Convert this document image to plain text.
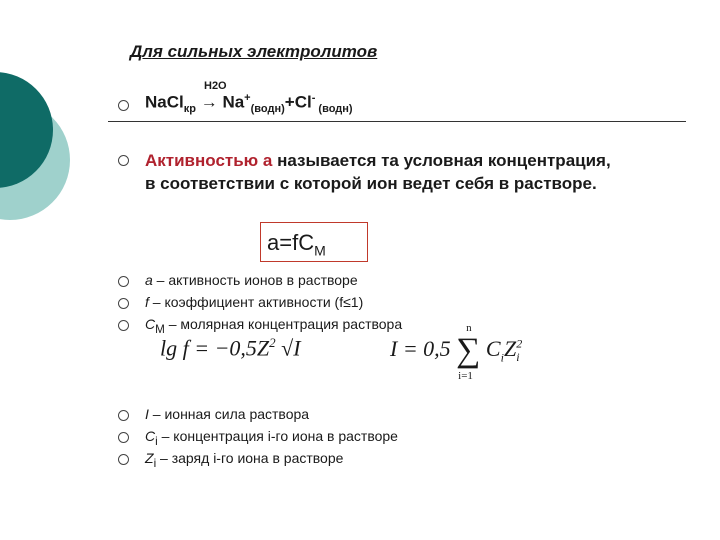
Для сильных электролитов
H2O
NaCl$_{кр}$ → $Na^+_{(водн)}+Cl^-$ $_{(водн)}$
Активностью а называется та условная концентрация, в соответствии с которой ион ведет себя в растворе.
$a=fC_M$
a – активность ионов в растворе
f – коэффициент активности (f≤1)
$C_M$ – молярная концентрация раствора
$\lg f = -0,5Z^2$ √I	I = 0,5 ∑
n
i=1
$C_iZ^2_i$
I – ионная сила раствора
$C_i$ – концентрация i-го иона в растворе
$Z_i$ – заряд i-го иона в растворе
